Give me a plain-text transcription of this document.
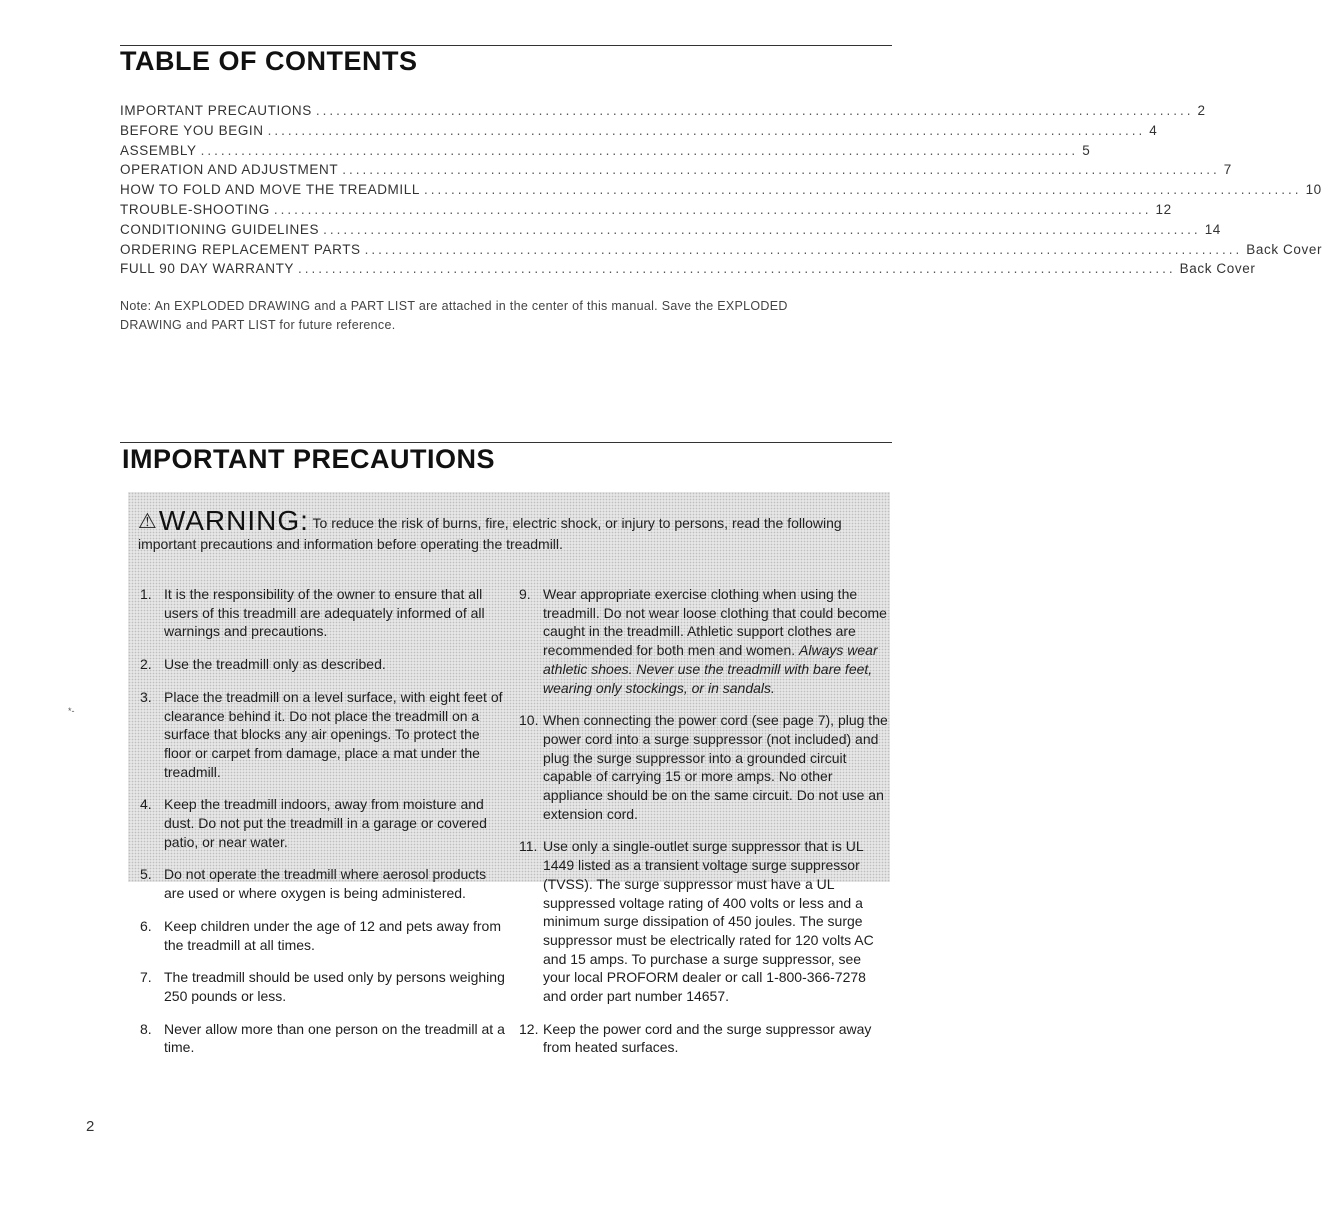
TABLE OF CONTENTS
IMPORTANT PRECAUTIONS .................................................................................................................................. 2
BEFORE YOU BEGIN .................................................................................................................................. 4
ASSEMBLY .................................................................................................................................. 5
OPERATION AND ADJUSTMENT .................................................................................................................................. 7
HOW TO FOLD AND MOVE THE TREADMILL .................................................................................................................................. 10
TROUBLE-SHOOTING .................................................................................................................................. 12
CONDITIONING GUIDELINES .................................................................................................................................. 14
ORDERING REPLACEMENT PARTS .................................................................................................................................. Back Cover
FULL 90 DAY WARRANTY .................................................................................................................................. Back Cover
Note: An EXPLODED DRAWING and a PART LIST are attached in the center of this manual. Save the EXPLODED DRAWING and PART LIST for future reference.
IMPORTANT PRECAUTIONS
⚠WARNING: To reduce the risk of burns, fire, electric shock, or injury to persons, read the following important precautions and information before operating the treadmill.
1. It is the responsibility of the owner to ensure that all users of this treadmill are adequately informed of all warnings and precautions.
2. Use the treadmill only as described.
3. Place the treadmill on a level surface, with eight feet of clearance behind it. Do not place the treadmill on a surface that blocks any air openings. To protect the floor or carpet from damage, place a mat under the treadmill.
4. Keep the treadmill indoors, away from moisture and dust. Do not put the treadmill in a garage or covered patio, or near water.
5. Do not operate the treadmill where aerosol products are used or where oxygen is being administered.
6. Keep children under the age of 12 and pets away from the treadmill at all times.
7. The treadmill should be used only by persons weighing 250 pounds or less.
8. Never allow more than one person on the treadmill at a time.
9. Wear appropriate exercise clothing when using the treadmill. Do not wear loose clothing that could become caught in the treadmill. Athletic support clothes are recommended for both men and women. Always wear athletic shoes. Never use the treadmill with bare feet, wearing only stockings, or in sandals.
10. When connecting the power cord (see page 7), plug the power cord into a surge suppressor (not included) and plug the surge suppressor into a grounded circuit capable of carrying 15 or more amps. No other appliance should be on the same circuit. Do not use an extension cord.
11. Use only a single-outlet surge suppressor that is UL 1449 listed as a transient voltage surge suppressor (TVSS). The surge suppressor must have a UL suppressed voltage rating of 400 volts or less and a minimum surge dissipation of 450 joules. The surge suppressor must be electrically rated for 120 volts AC and 15 amps. To purchase a surge suppressor, see your local PROFORM dealer or call 1-800-366-7278 and order part number 14657.
12. Keep the power cord and the surge suppressor away from heated surfaces.
*-
2
